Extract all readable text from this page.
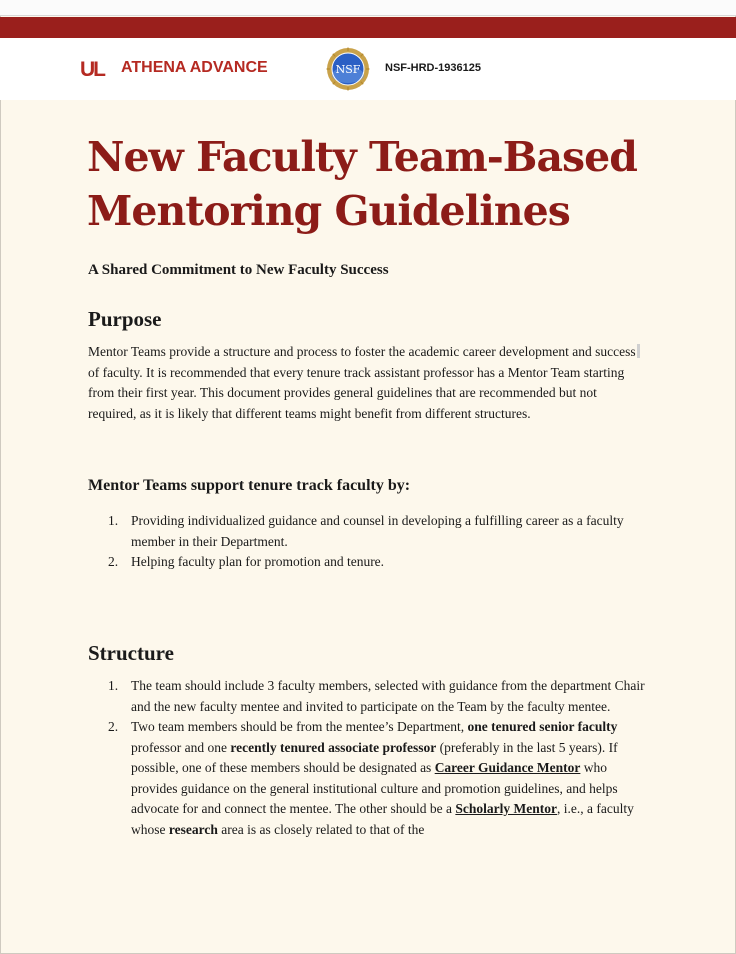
UL ATHENA ADVANCE	NSF NSF-HRD-1936125
New Faculty Team-Based Mentoring Guidelines
A Shared Commitment to New Faculty Success
Purpose
Mentor Teams provide a structure and process to foster the academic career development and success of faculty. It is recommended that every tenure track assistant professor has a Mentor Team starting from their first year. This document provides general guidelines that are recommended but not required, as it is likely that different teams might benefit from different structures.
Mentor Teams support tenure track faculty by:
1. Providing individualized guidance and counsel in developing a fulfilling career as a faculty member in their Department.
2. Helping faculty plan for promotion and tenure.
Structure
1. The team should include 3 faculty members, selected with guidance from the department Chair and the new faculty mentee and invited to participate on the Team by the faculty mentee.
2. Two team members should be from the mentee’s Department, one tenured senior faculty professor and one recently tenured associate professor (preferably in the last 5 years). If possible, one of these members should be designated as Career Guidance Mentor who provides guidance on the general institutional culture and promotion guidelines, and helps advocate for and connect the mentee. The other should be a Scholarly Mentor, i.e., a faculty whose research area is as closely related to that of the
